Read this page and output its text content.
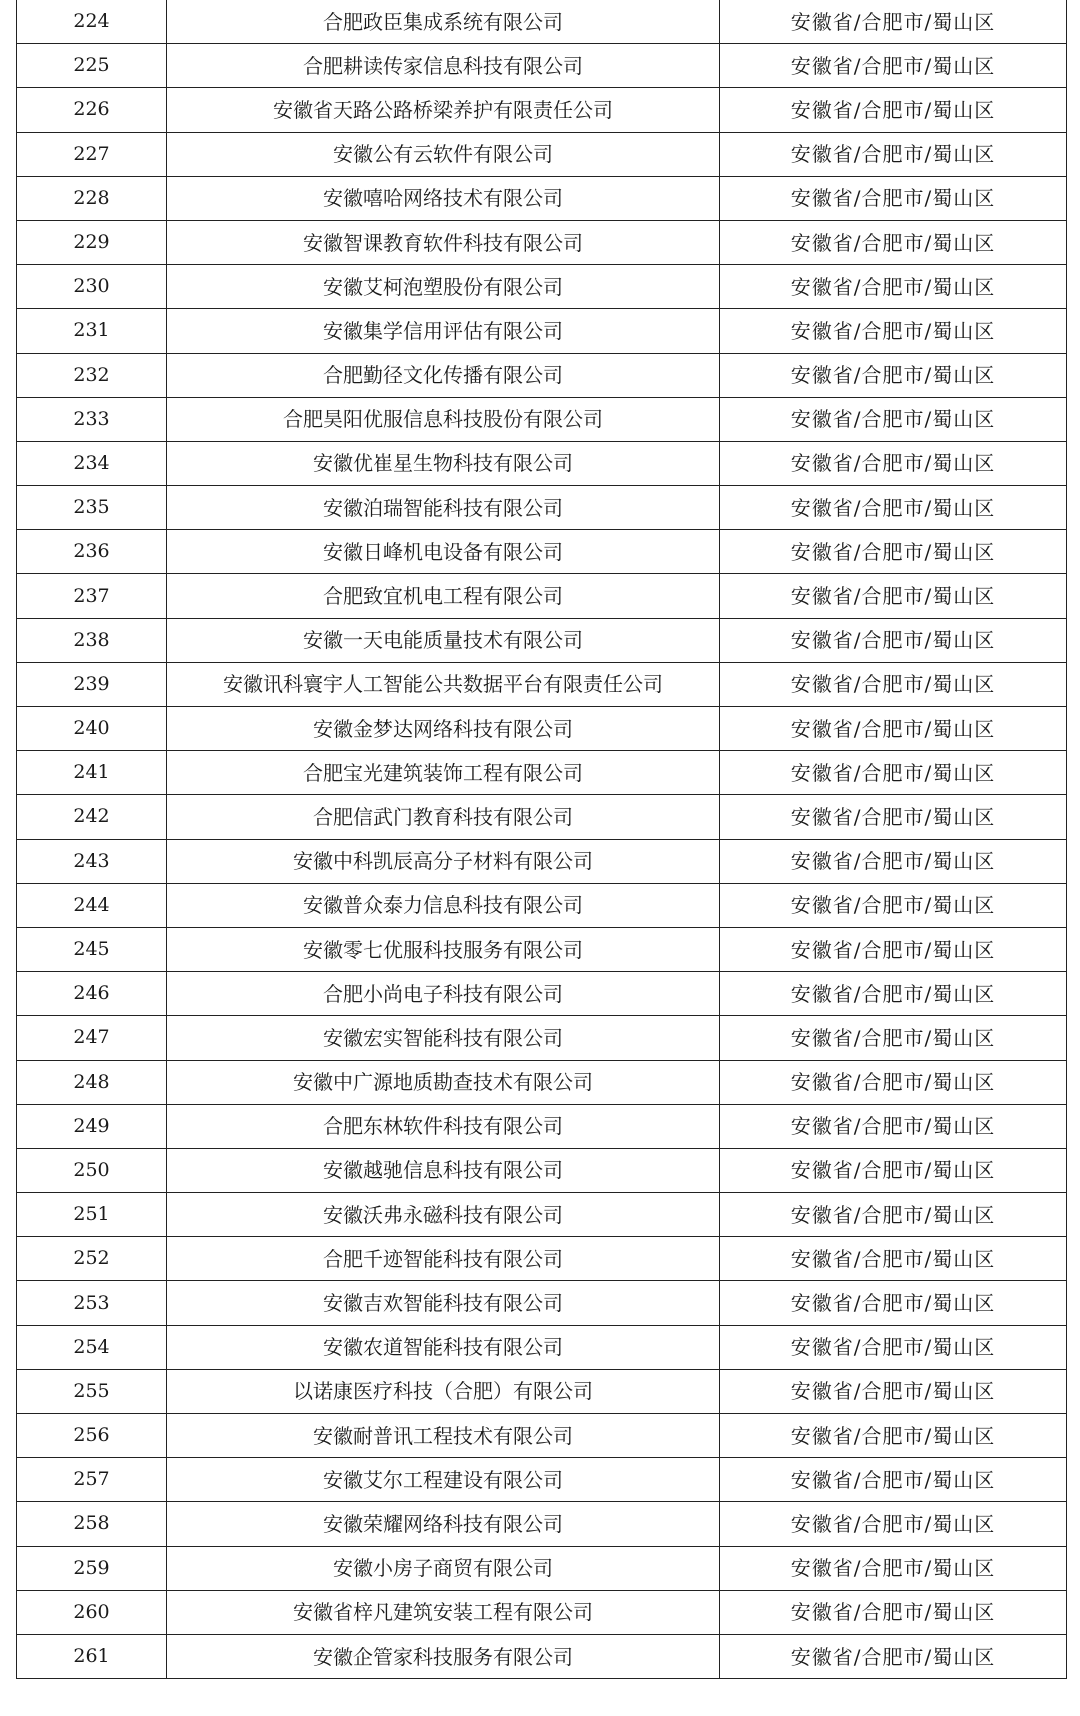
224	合肥政臣集成系统有限公司	安徽省/合肥市/蜀山区
225	合肥耕读传家信息科技有限公司	安徽省/合肥市/蜀山区
226	安徽省天路公路桥梁养护有限责任公司	安徽省/合肥市/蜀山区
227	安徽公有云软件有限公司	安徽省/合肥市/蜀山区
228	安徽嘻哈网络技术有限公司	安徽省/合肥市/蜀山区
229	安徽智课教育软件科技有限公司	安徽省/合肥市/蜀山区
230	安徽艾柯泡塑股份有限公司	安徽省/合肥市/蜀山区
231	安徽集学信用评估有限公司	安徽省/合肥市/蜀山区
232	合肥勤径文化传播有限公司	安徽省/合肥市/蜀山区
233	合肥昊阳优服信息科技股份有限公司	安徽省/合肥市/蜀山区
234	安徽优崔星生物科技有限公司	安徽省/合肥市/蜀山区
235	安徽泊瑞智能科技有限公司	安徽省/合肥市/蜀山区
236	安徽日峰机电设备有限公司	安徽省/合肥市/蜀山区
237	合肥致宜机电工程有限公司	安徽省/合肥市/蜀山区
238	安徽一天电能质量技术有限公司	安徽省/合肥市/蜀山区
239	安徽讯科寰宇人工智能公共数据平台有限责任公司	安徽省/合肥市/蜀山区
240	安徽金梦达网络科技有限公司	安徽省/合肥市/蜀山区
241	合肥宝光建筑装饰工程有限公司	安徽省/合肥市/蜀山区
242	合肥信武门教育科技有限公司	安徽省/合肥市/蜀山区
243	安徽中科凯辰高分子材料有限公司	安徽省/合肥市/蜀山区
244	安徽普众泰力信息科技有限公司	安徽省/合肥市/蜀山区
245	安徽零七优服科技服务有限公司	安徽省/合肥市/蜀山区
246	合肥小尚电子科技有限公司	安徽省/合肥市/蜀山区
247	安徽宏实智能科技有限公司	安徽省/合肥市/蜀山区
248	安徽中广源地质勘查技术有限公司	安徽省/合肥市/蜀山区
249	合肥东林软件科技有限公司	安徽省/合肥市/蜀山区
250	安徽越驰信息科技有限公司	安徽省/合肥市/蜀山区
251	安徽沃弗永磁科技有限公司	安徽省/合肥市/蜀山区
252	合肥千迹智能科技有限公司	安徽省/合肥市/蜀山区
253	安徽吉欢智能科技有限公司	安徽省/合肥市/蜀山区
254	安徽农道智能科技有限公司	安徽省/合肥市/蜀山区
255	以诺康医疗科技（合肥）有限公司	安徽省/合肥市/蜀山区
256	安徽耐普讯工程技术有限公司	安徽省/合肥市/蜀山区
257	安徽艾尔工程建设有限公司	安徽省/合肥市/蜀山区
258	安徽荣耀网络科技有限公司	安徽省/合肥市/蜀山区
259	安徽小房子商贸有限公司	安徽省/合肥市/蜀山区
260	安徽省梓凡建筑安装工程有限公司	安徽省/合肥市/蜀山区
261	安徽企管家科技服务有限公司	安徽省/合肥市/蜀山区
